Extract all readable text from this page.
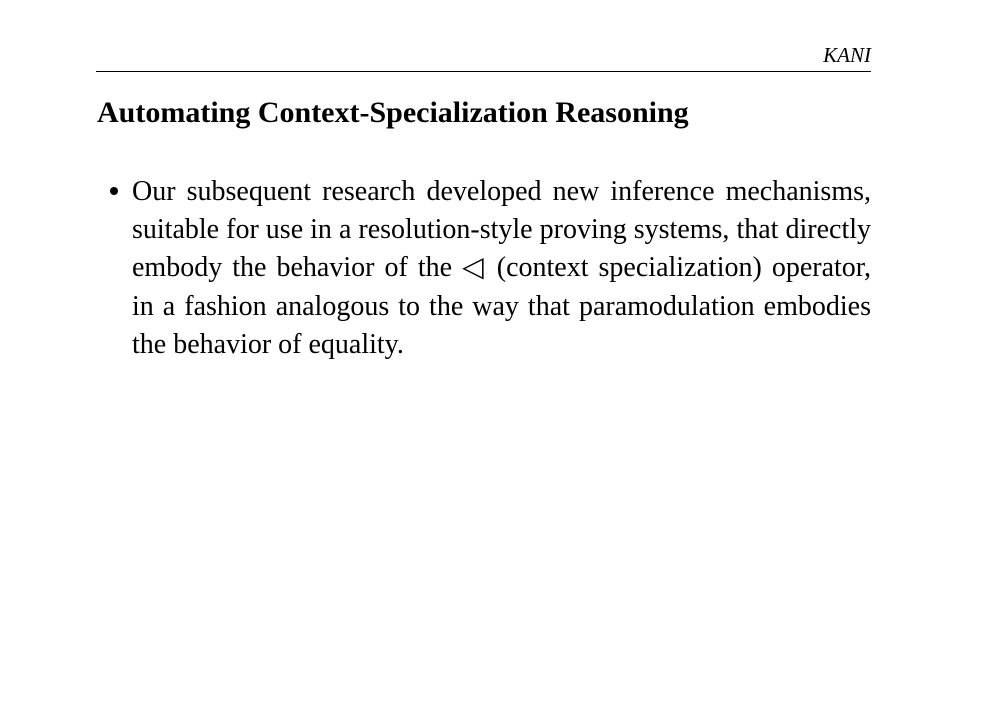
KANI
Automating Context-Specialization Reasoning

Our subsequent research developed new inference mechanisms, suitable for use in a resolution-style proving systems, that directly embody the behavior of the ◁ (context specialization) operator, in a fashion analogous to the way that paramodulation embodies the behavior of equality.
